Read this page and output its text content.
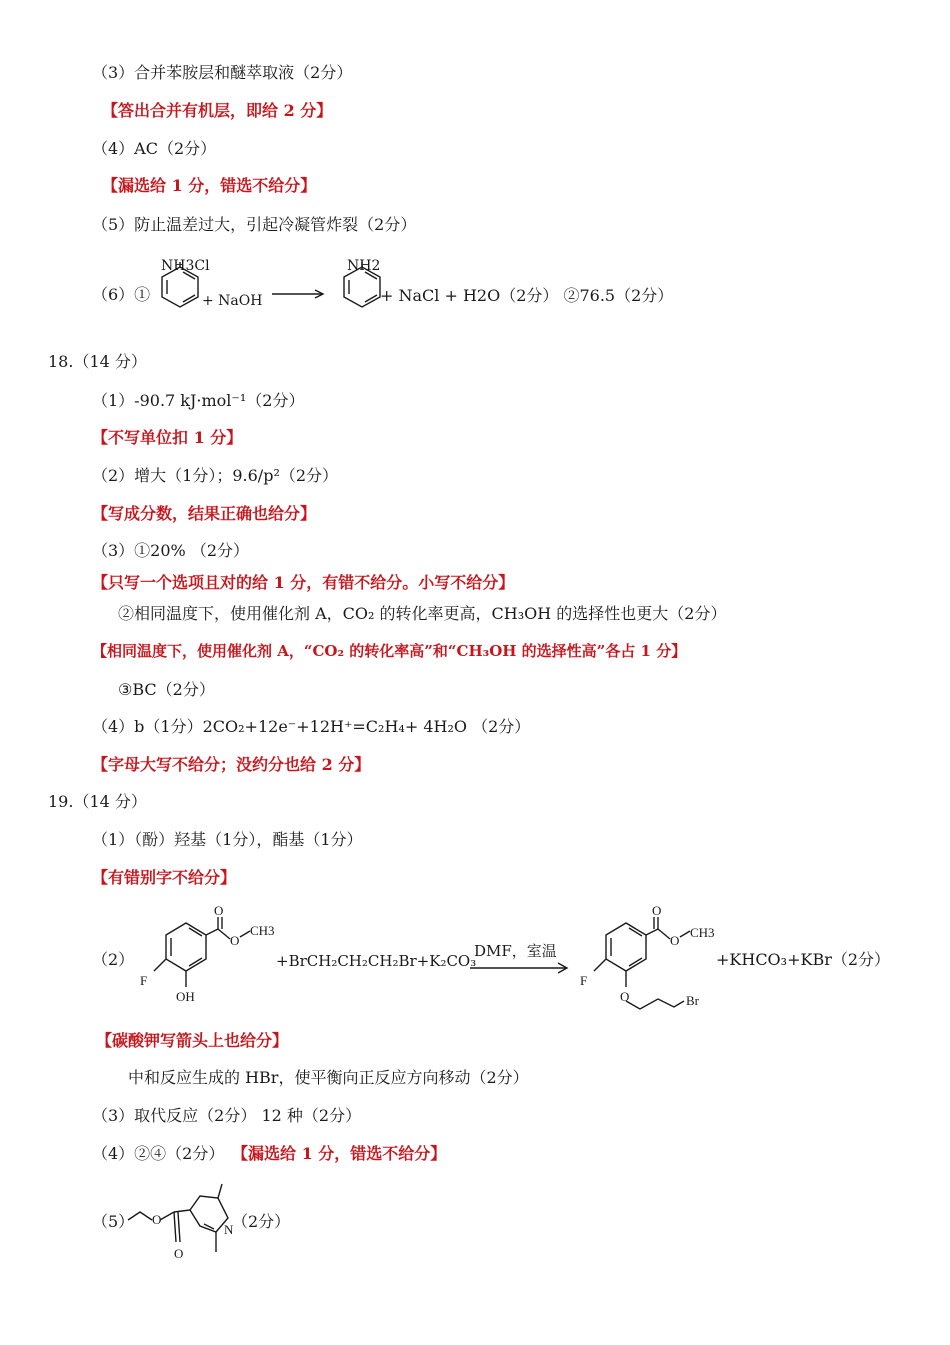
（3）合并苯胺层和醚萃取液（2分）
【答出合并有机层，即给 2 分】
（4）AC（2分）
【漏选给 1 分，错选不给分】
（5）防止温差过大，引起冷凝管炸裂（2分）
（6）①
NH3Cl
+ NaOH →
NH2
+ NaCl + H2O（2分） ②76.5（2分）
18.（14 分）
（1）-90.7 kJ·mol⁻¹（2分）
【不写单位扣 1 分】
（2）增大（1分）；9.6/p²（2分）
【写成分数，结果正确也给分】
（3）①20% （2分）
【只写一个选项且对的给 1 分，有错不给分。小写不给分】
②相同温度下，使用催化剂 A，CO₂ 的转化率更高，CH₃OH 的选择性也更大（2分）
【相同温度下，使用催化剂 A，“CO₂ 的转化率高”和“CH₃OH 的选择性高”各占 1 分】
③BC（2分）
（4）b（1分）2CO₂+12e⁻+12H⁺=C₂H₄+ 4H₂O （2分）
【字母大写不给分；没约分也给 2 分】
19.（14 分）
（1）（酚）羟基（1分），酯基（1分）
【有错别字不给分】
（2）
O
O
CH3
F
OH
+BrCH₂CH₂CH₂Br+K₂CO₃
DMF，室温
O
O
CH3
F
O	Br
+KHCO₃+KBr（2分）
【碳酸钾写箭头上也给分】
中和反应生成的 HBr，使平衡向正反应方向移动（2分）
（3）取代反应（2分） 12 种（2分）
（4）②④（2分） 【漏选给 1 分，错选不给分】
（5） O
O
N
（2分）
